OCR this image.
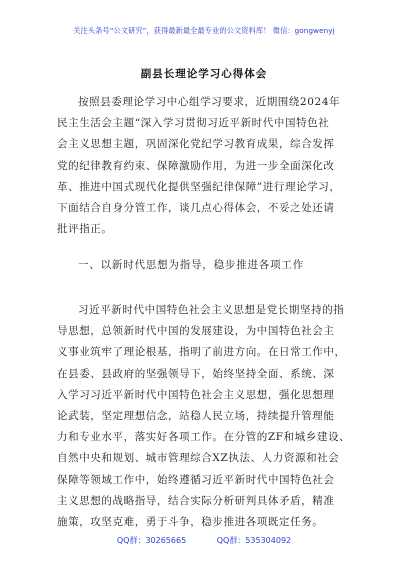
关注头条号“公文研究”，获得最新最全最专业的公文资料库！ 微信：gongwenyj
副县长理论学习心得体会

按照县委理论学习中心组学习要求，近期围绕2024年
民主生活会主题“深入学习贯彻习近平新时代中国特色社
会主义思想主题，巩固深化党纪学习教育成果，综合发挥
党的纪律教育约束、保障激励作用，为进一步全面深化改
革、推进中国式现代化提供坚强纪律保障”进行理论学习，
下面结合自身分管工作，谈几点心得体会，不妥之处还请
批评指正。

一、以新时代思想为指导，稳步推进各项工作

习近平新时代中国特色社会主义思想是党长期坚持的指
导思想，总领新时代中国的发展建设，为中国特色社会主
义事业筑牢了理论根基，指明了前进方向。在日常工作中，
在县委、县政府的坚强领导下，始终坚持全面、系统、深
入学习习近平新时代中国特色社会主义思想，强化思想理
论武装，坚定理想信念，站稳人民立场，持续提升管理能
力和专业水平，落实好各项工作。在分管的ZF和城乡建设、
自然中央和规划、城市管理综合XZ执法、人力资源和社会
保障等领域工作中，始终遵循习近平新时代中国特色社会
主义思想的战略指导，结合实际分析研判具体矛盾，精准
施策，攻坚克难，勇于斗争，稳步推进各项既定任务。

QQ群：30265665	QQ群：535304092
